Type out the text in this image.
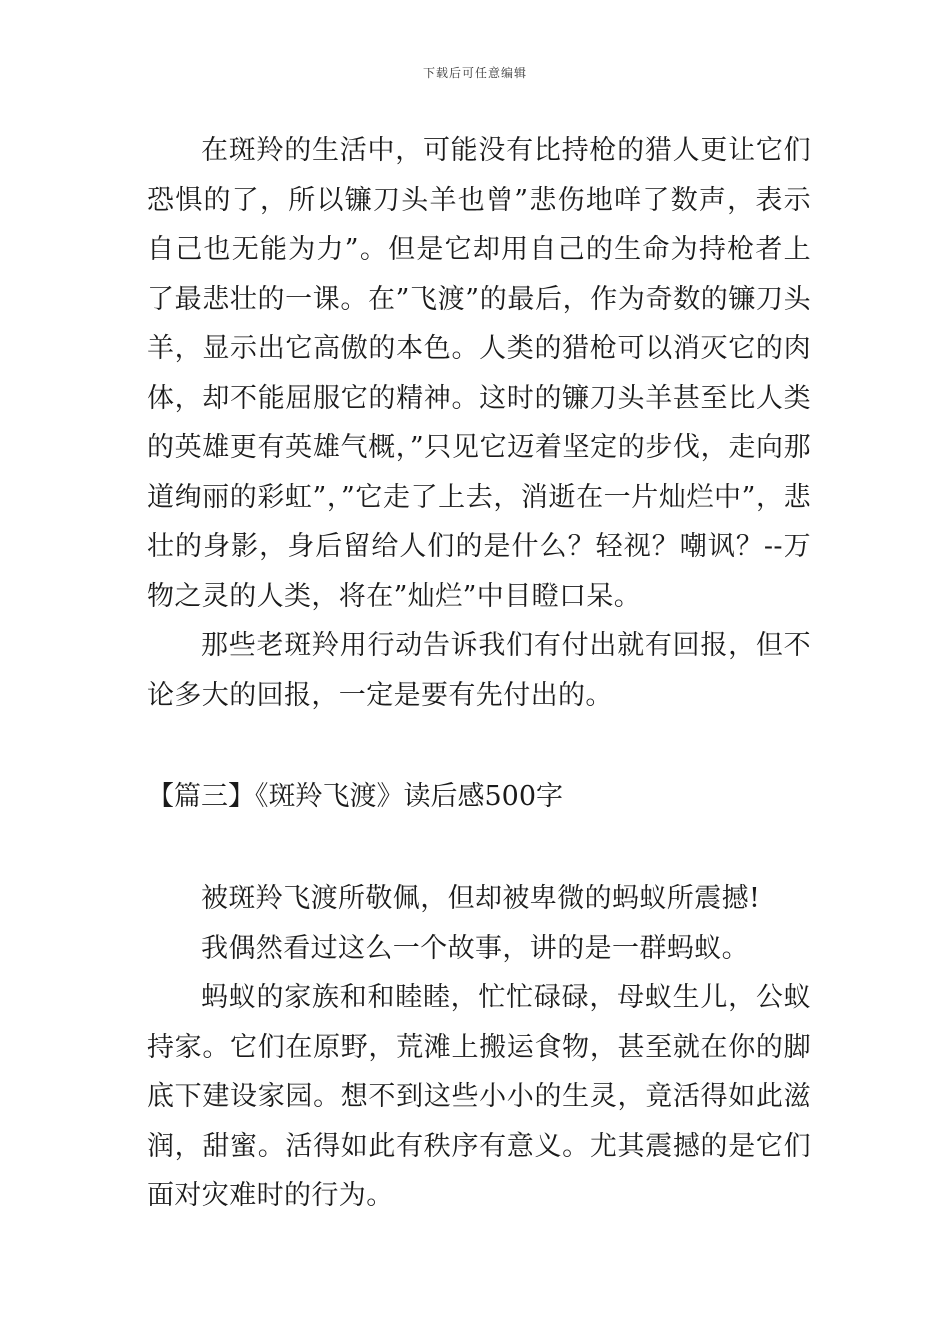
下载后可任意编辑

在斑羚的生活中，可能没有比持枪的猎人更让它们恐惧的了，所以镰刀头羊也曾”悲伤地咩了数声，表示自己也无能为力”。但是它却用自己的生命为持枪者上了最悲壮的一课。在”飞渡”的最后，作为奇数的镰刀头羊，显示出它高傲的本色。人类的猎枪可以消灭它的肉体，却不能屈服它的精神。这时的镰刀头羊甚至比人类的英雄更有英雄气概，”只见它迈着坚定的步伐，走向那道绚丽的彩虹”，”它走了上去，消逝在一片灿烂中”，悲壮的身影，身后留给人们的是什么？轻视？嘲讽？--万物之灵的人类，将在”灿烂”中目瞪口呆。

那些老斑羚用行动告诉我们有付出就有回报，但不论多大的回报，一定是要有先付出的。

【篇三】《斑羚飞渡》读后感500字

被斑羚飞渡所敬佩，但却被卑微的蚂蚁所震撼!

我偶然看过这么一个故事，讲的是一群蚂蚁。

蚂蚁的家族和和睦睦，忙忙碌碌，母蚁生儿，公蚁持家。它们在原野，荒滩上搬运食物，甚至就在你的脚底下建设家园。想不到这些小小的生灵，竟活得如此滋润，甜蜜。活得如此有秩序有意义。尤其震撼的是它们面对灾难时的行为。
